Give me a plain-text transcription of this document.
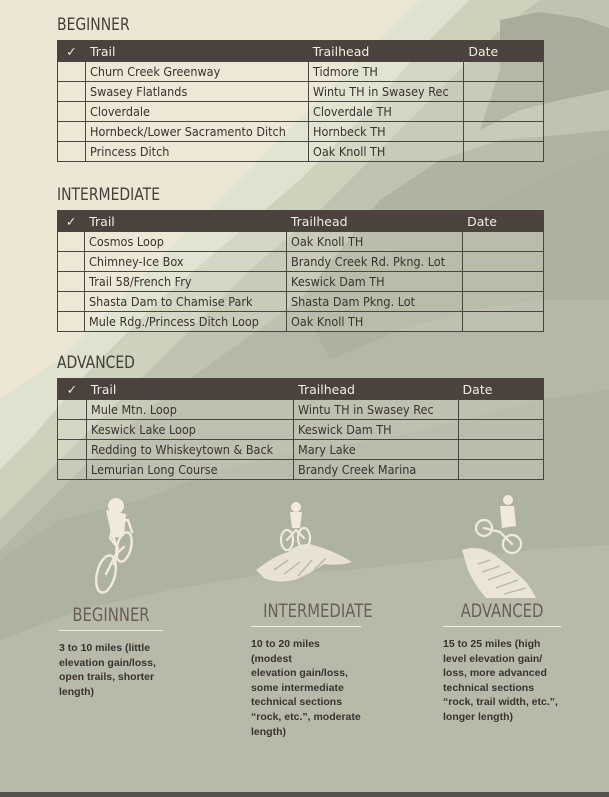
BEGINNER
✓	Trail	Trailhead	Date
	Churn Creek Greenway	Tidmore TH	
	Swasey Flatlands	Wintu TH in Swasey Rec	
	Cloverdale	Cloverdale TH	
	Hornbeck/Lower Sacramento Ditch	Hornbeck TH	
	Princess Ditch	Oak Knoll TH	
INTERMEDIATE
✓	Trail	Trailhead	Date
	Cosmos Loop	Oak Knoll TH	
	Chimney-Ice Box	Brandy Creek Rd. Pkng. Lot	
	Trail 58/French Fry	Keswick Dam TH	
	Shasta Dam to Chamise Park	Shasta Dam Pkng. Lot	
	Mule Rdg./Princess Ditch Loop	Oak Knoll TH	
ADVANCED
✓	Trail	Trailhead	Date
	Mule Mtn. Loop	Wintu TH in Swasey Rec	
	Keswick Lake Loop	Keswick Dam TH	
	Redding to Whiskeytown & Back	Mary Lake	
	Lemurian Long Course	Brandy Creek Marina	
BEGINNER
3 to 10 miles (little
elevation gain/loss,
open trails, shorter
length)
INTERMEDIATE
10 to 20 miles (modest
elevation gain/loss,
some intermediate
technical sections
“rock, etc.”, moderate
length)
ADVANCED
15 to 25 miles (high
level elevation gain/
loss, more advanced
technical sections
“rock, trail width, etc.”,
longer length)
